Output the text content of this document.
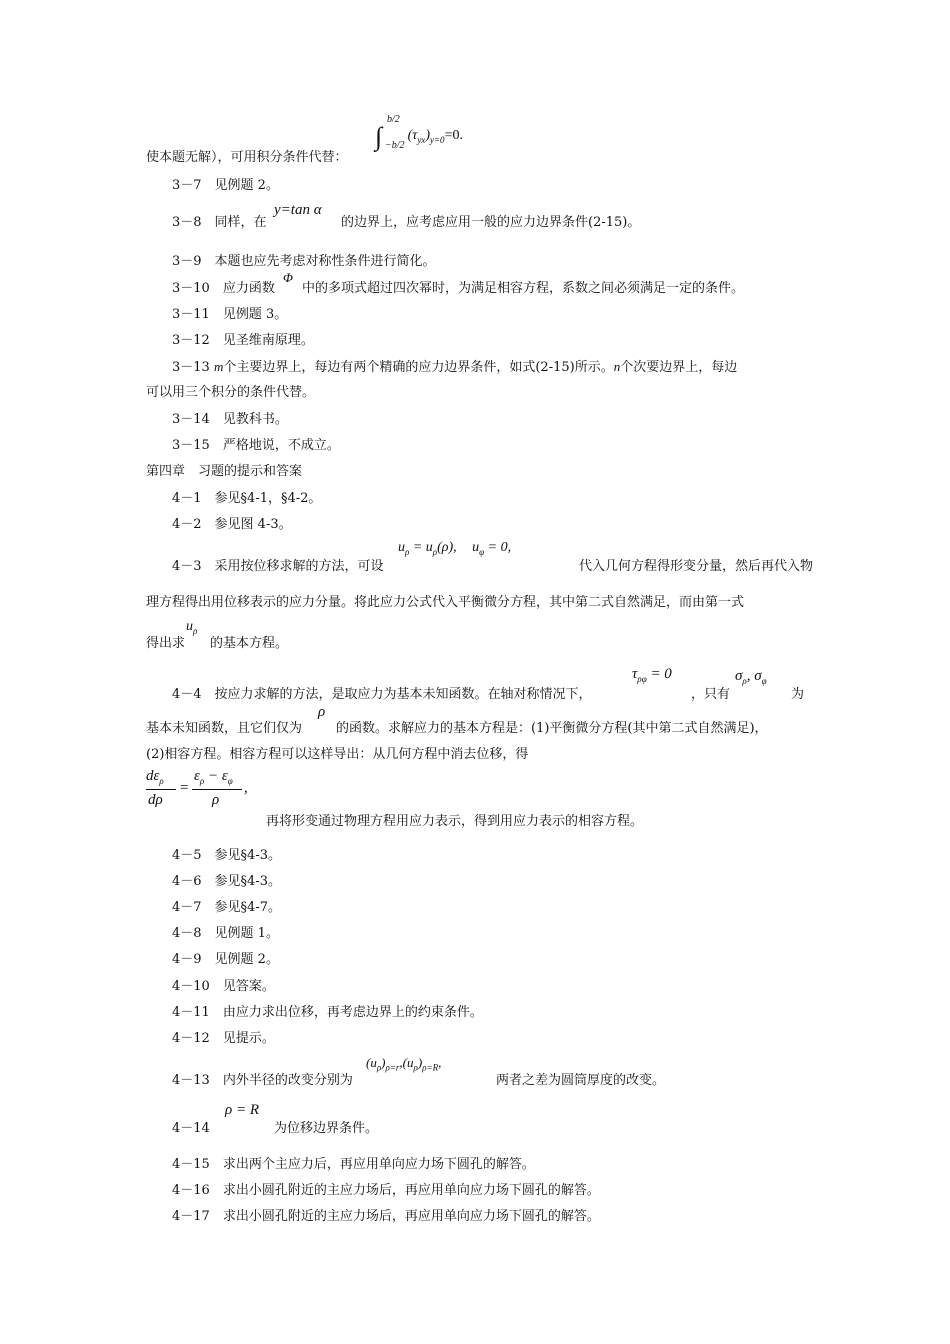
∫
b/2
−b/2
$(\tau_{yx})_{y=0}=0$.
使本题无解），可用积分条件代替：
3－7　见例题 2。
3－8　同样，在
y=tan α
的边界上，应考虑应用一般的应力边界条件(2-15)。
3－9　本题也应先考虑对称性条件进行简化。
3－10　应力函数
Φ
中的多项式超过四次幂时，为满足相容方程，系数之间必须满足一定的条件。
3－11　见例题 3。
3－12　见圣维南原理。
3－13 m个主要边界上，每边有两个精确的应力边界条件，如式(2-15)所示。n个次要边界上，每边
可以用三个积分的条件代替。
3－14　见教科书。
3－15　严格地说，不成立。
第四章　习题的提示和答案
4－1　参见§4-1，§4-2。
4－2　参见图 4-3。
4－3　采用按位移求解的方法，可设
$u_\rho = u_\rho(\rho)$, $u_\varphi = 0$,
代入几何方程得形变分量，然后再代入物
理方程得出用位移表示的应力分量。将此应力公式代入平衡微分方程，其中第二式自然满足，而由第一式
得出求
$u_\rho$
的基本方程。
4－4　按应力求解的方法，是取应力为基本未知函数。在轴对称情况下，
$\tau_{\rho\varphi} = 0$
，只有
$\sigma_\rho$, $\sigma_\varphi$
为
基本未知函数，且它们仅为
ρ
的函数。求解应力的基本方程是：(1)平衡微分方程(其中第二式自然满足)，
(2)相容方程。相容方程可以这样导出：从几何方程中消去位移，得
$d\varepsilon_\rho$
dρ
=
$\varepsilon_\rho - \varepsilon_\varphi$
ρ
,
再将形变通过物理方程用应力表示，得到用应力表示的相容方程。
4－5　参见§4-3。
4－6　参见§4-3。
4－7　参见§4-7。
4－8　见例题 1。
4－9　见例题 2。
4－10　见答案。
4－11　由应力求出位移，再考虑边界上的约束条件。
4－12　见提示。
4－13　内外半径的改变分别为
$(u_\rho)_{\rho=r},(u_\rho)_{\rho=R}$,
两者之差为圆筒厚度的改变。
4－14
ρ = R
为位移边界条件。
4－15　求出两个主应力后，再应用单向应力场下圆孔的解答。
4－16　求出小圆孔附近的主应力场后，再应用单向应力场下圆孔的解答。
4－17　求出小圆孔附近的主应力场后，再应用单向应力场下圆孔的解答。
